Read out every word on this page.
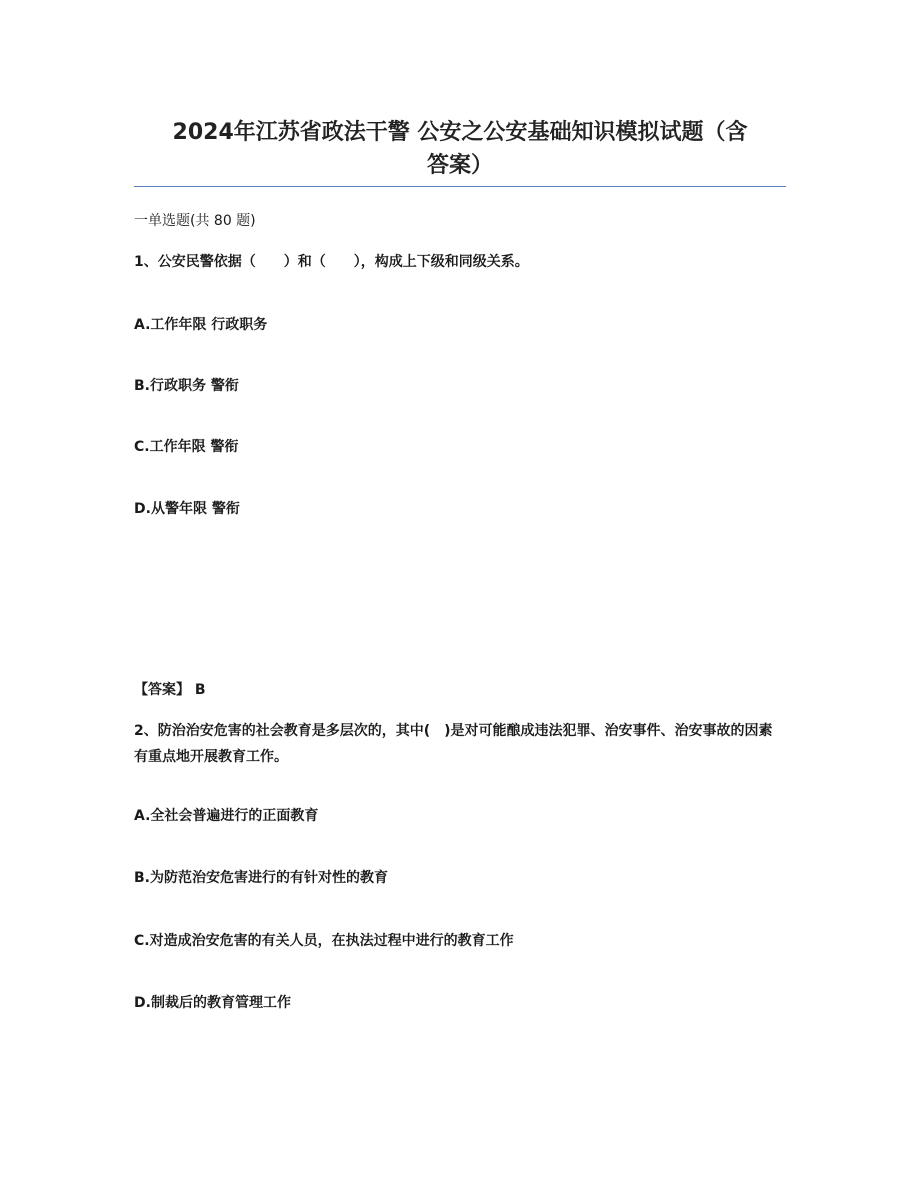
2024年江苏省政法干警 公安之公安基础知识模拟试题（含
答案）
一单选题(共 80 题)
1、公安民警依据（　　）和（　　），构成上下级和同级关系。
A.工作年限 行政职务
B.行政职务 警衔
C.工作年限 警衔
D.从警年限 警衔
【答案】 B
2、防治治安危害的社会教育是多层次的，其中(　)是对可能酿成违法犯罪、治安事件、治安事故的因素有重点地开展教育工作。
A.全社会普遍进行的正面教育
B.为防范治安危害进行的有针对性的教育
C.对造成治安危害的有关人员，在执法过程中进行的教育工作
D.制裁后的教育管理工作
